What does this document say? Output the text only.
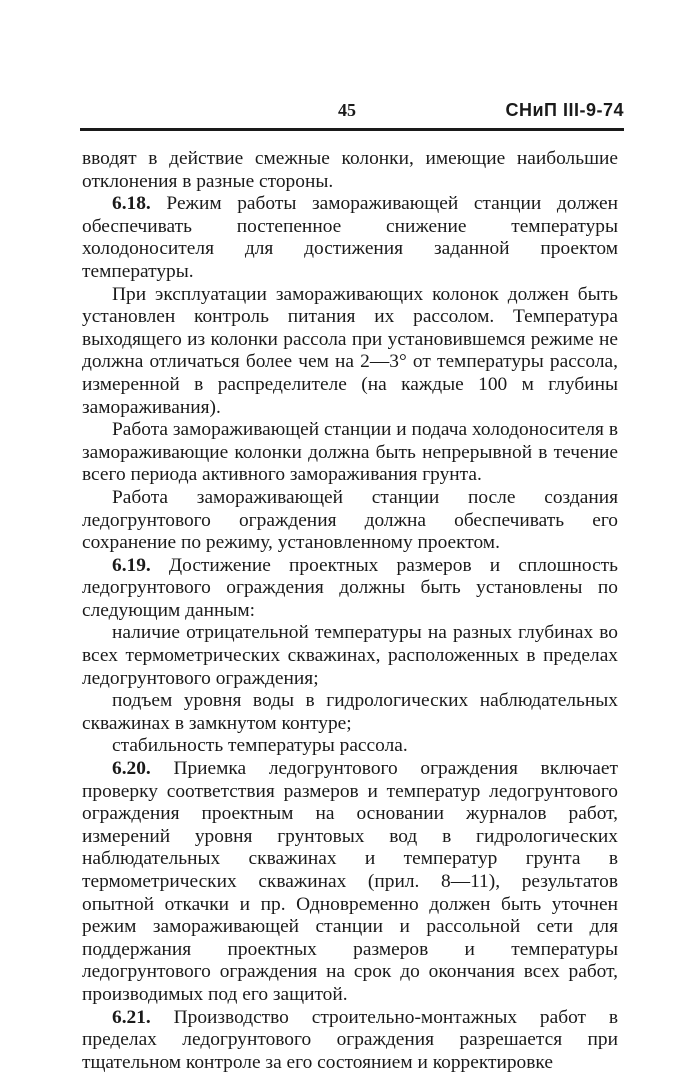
45	СНиП III-9-74

вводят в действие смежные колонки, имеющие наибольшие отклонения в разные стороны.

6.18. Режим работы замораживающей станции должен обеспечивать постепенное снижение температуры холодоносителя для достижения заданной проектом температуры.

При эксплуатации замораживающих колонок должен быть установлен контроль питания их рассолом. Температура выходящего из колонки рассола при установившемся режиме не должна отличаться более чем на 2—3° от температуры рассола, измеренной в распределителе (на каждые 100 м глубины замораживания).

Работа замораживающей станции и подача холодоносителя в замораживающие колонки должна быть непрерывной в течение всего периода активного замораживания грунта.

Работа замораживающей станции после создания ледогрунтового ограждения должна обеспечивать его сохранение по режиму, установленному проектом.

6.19. Достижение проектных размеров и сплошность ледогрунтового ограждения должны быть установлены по следующим данным:

наличие отрицательной температуры на разных глубинах во всех термометрических скважинах, расположенных в пределах ледогрунтового ограждения;

подъем уровня воды в гидрологических наблюдательных скважинах в замкнутом контуре;

стабильность температуры рассола.

6.20. Приемка ледогрунтового ограждения включает проверку соответствия размеров и температур ледогрунтового ограждения проектным на основании журналов работ, измерений уровня грунтовых вод в гидрологических наблюдательных скважинах и температур грунта в термометрических скважинах (прил. 8—11), результатов опытной откачки и пр. Одновременно должен быть уточнен режим замораживающей станции и рассольной сети для поддержания проектных размеров и температуры ледогрунтового ограждения на срок до окончания всех работ, производимых под его защитой.

6.21. Производство строительно-монтажных работ в пределах ледогрунтового ограждения разрешается при тщательном контроле за его состоянием и корректировке
